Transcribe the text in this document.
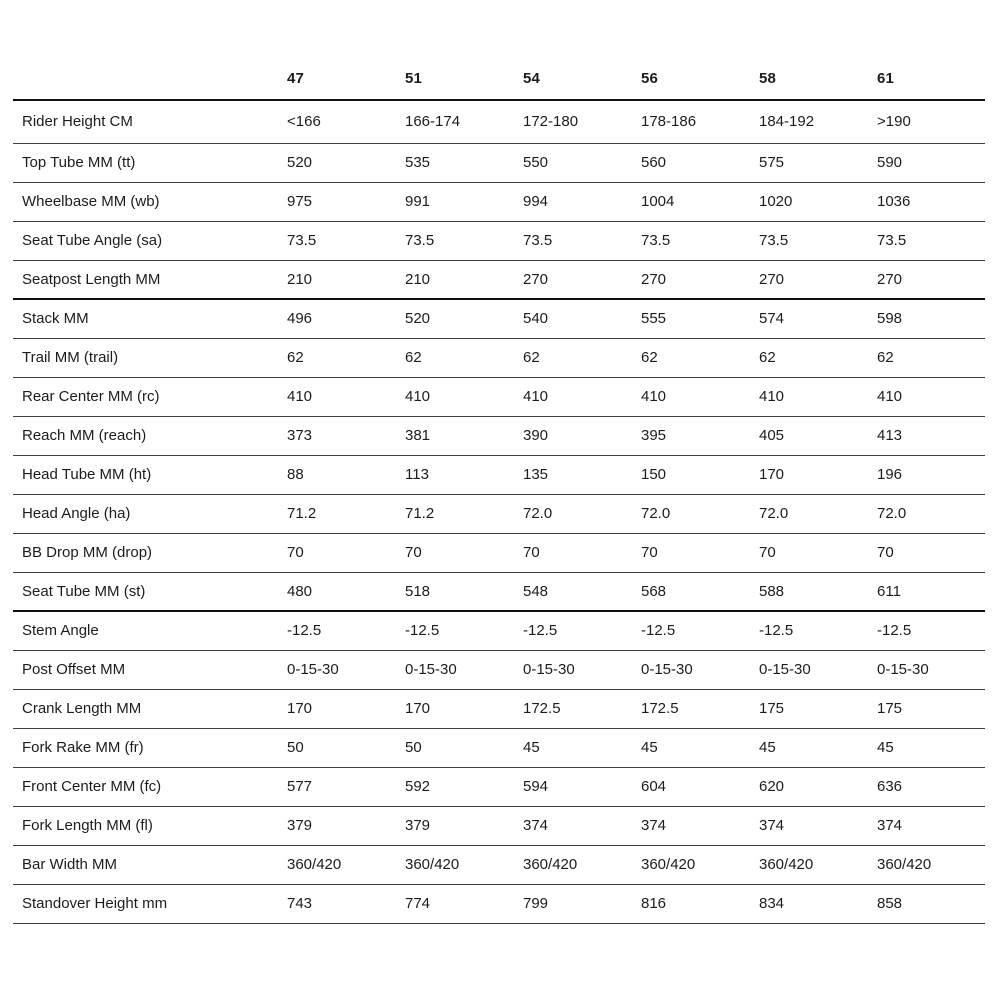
	47	51	54	56	58	61
Rider Height CM	<166	166-174	172-180	178-186	184-192	>190
Top Tube MM (tt)	520	535	550	560	575	590
Wheelbase MM (wb)	975	991	994	1004	1020	1036
Seat Tube Angle (sa)	73.5	73.5	73.5	73.5	73.5	73.5
Seatpost Length MM	210	210	270	270	270	270
Stack MM	496	520	540	555	574	598
Trail MM (trail)	62	62	62	62	62	62
Rear Center MM (rc)	410	410	410	410	410	410
Reach MM (reach)	373	381	390	395	405	413
Head Tube MM (ht)	88	113	135	150	170	196
Head Angle (ha)	71.2	71.2	72.0	72.0	72.0	72.0
BB Drop MM (drop)	70	70	70	70	70	70
Seat Tube MM (st)	480	518	548	568	588	611
Stem Angle	-12.5	-12.5	-12.5	-12.5	-12.5	-12.5
Post Offset MM	0-15-30	0-15-30	0-15-30	0-15-30	0-15-30	0-15-30
Crank Length MM	170	170	172.5	172.5	175	175
Fork Rake MM (fr)	50	50	45	45	45	45
Front Center MM (fc)	577	592	594	604	620	636
Fork Length MM (fl)	379	379	374	374	374	374
Bar Width MM	360/420	360/420	360/420	360/420	360/420	360/420
Standover Height mm	743	774	799	816	834	858
